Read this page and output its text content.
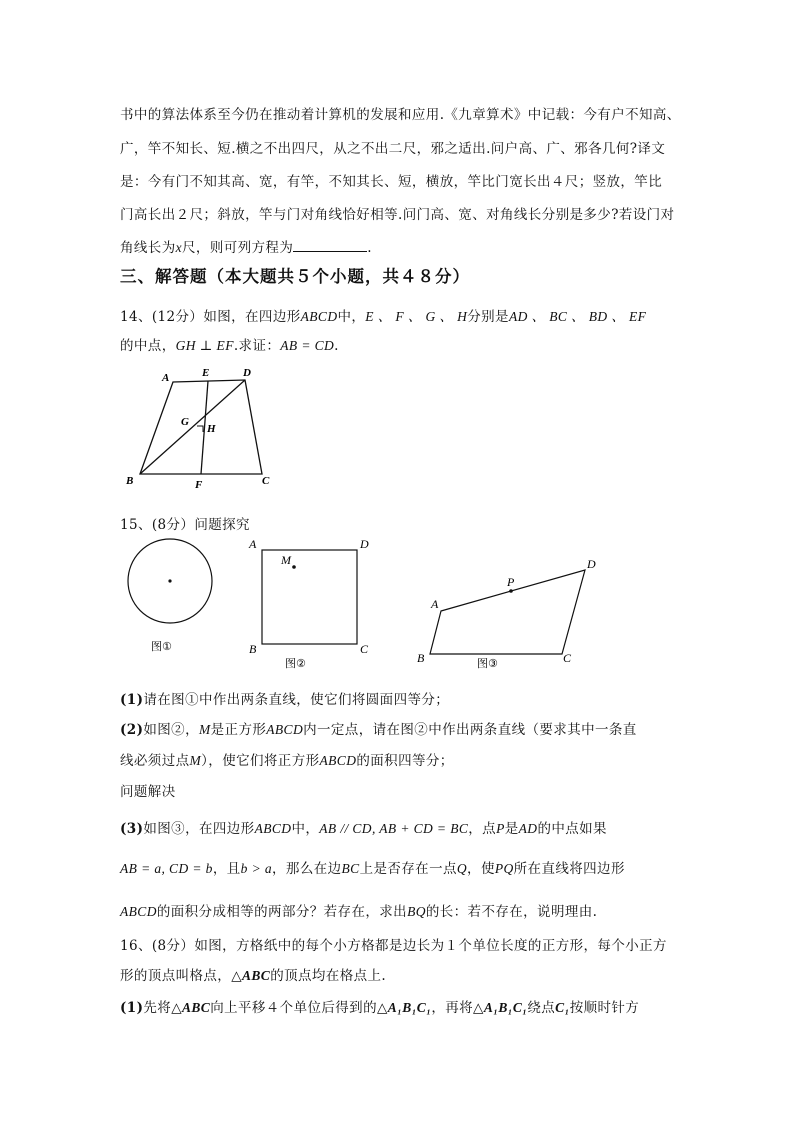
书中的算法体系至今仍在推动着计算机的发展和应用.《九章算术》中记载：今有户不知高、
广，竿不知长、短.横之不出四尺，从之不出二尺，邪之适出.问户高、广、邪各几何?译文
是：今有门不知其高、宽，有竿，不知其长、短，横放，竿比门宽长出４尺；竖放，竿比
门高长出２尺；斜放，竿与门对角线恰好相等.问门高、宽、对角线长分别是多少?若设门对
角线长为x尺，则可列方程为	.
三、解答题（本大题共５个小题，共４８分）
14、(12分）如图，在四边形ABCD中，E 、 F 、 G 、 H分别是AD 、 BC 、 BD 、 EF
的中点，GH ⊥ EF.求证：AB = CD.
A	E	D
G
H
B	F	C
15、(8分）问题探究
图①
A
M
D
B	C
图②
A
P
D
B	C
图③
(1)请在图①中作出两条直线，使它们将圆面四等分；
(2)如图②，M是正方形ABCD内一定点，请在图②中作出两条直线（要求其中一条直
线必须过点M），使它们将正方形ABCD的面积四等分；
问题解决
(3)如图③，在四边形ABCD中，AB // CD, AB + CD = BC，点P是AD的中点如果
AB = a, CD = b，且b > a，那么在边BC上是否存在一点Q，使PQ所在直线将四边形
ABCD的面积分成相等的两部分？若存在，求出BQ的长：若不存在，说明理由.
16、(8分）如图，方格纸中的每个小方格都是边长为１个单位长度的正方形，每个小正方
形的顶点叫格点，△ABC的顶点均在格点上.
(1)先将△ABC向上平移４个单位后得到的△A₁B₁C₁，再将△A₁B₁C₁绕点C₁按顺时针方
